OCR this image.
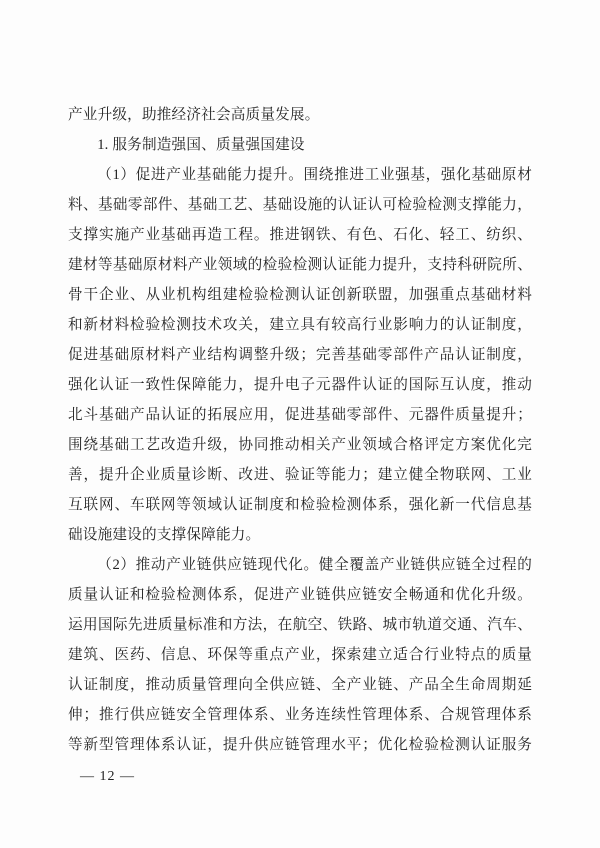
产业升级，助推经济社会高质量发展。
1. 服务制造强国、质量强国建设
（1）促进产业基础能力提升。围绕推进工业强基，强化基础原材
料、基础零部件、基础工艺、基础设施的认证认可检验检测支撑能力，
支撑实施产业基础再造工程。推进钢铁、有色、石化、轻工、纺织、
建材等基础原材料产业领域的检验检测认证能力提升，支持科研院所、
骨干企业、从业机构组建检验检测认证创新联盟，加强重点基础材料
和新材料检验检测技术攻关，建立具有较高行业影响力的认证制度，
促进基础原材料产业结构调整升级；完善基础零部件产品认证制度，
强化认证一致性保障能力，提升电子元器件认证的国际互认度，推动
北斗基础产品认证的拓展应用，促进基础零部件、元器件质量提升；
围绕基础工艺改造升级，协同推动相关产业领域合格评定方案优化完
善，提升企业质量诊断、改进、验证等能力；建立健全物联网、工业
互联网、车联网等领域认证制度和检验检测体系，强化新一代信息基
础设施建设的支撑保障能力。
（2）推动产业链供应链现代化。健全覆盖产业链供应链全过程的
质量认证和检验检测体系，促进产业链供应链安全畅通和优化升级。
运用国际先进质量标准和方法，在航空、铁路、城市轨道交通、汽车、
建筑、医药、信息、环保等重点产业，探索建立适合行业特点的质量
认证制度，推动质量管理向全供应链、全产业链、产品全生命周期延
伸；推行供应链安全管理体系、业务连续性管理体系、合规管理体系
等新型管理体系认证，提升供应链管理水平；优化检验检测认证服务
— 12 —
